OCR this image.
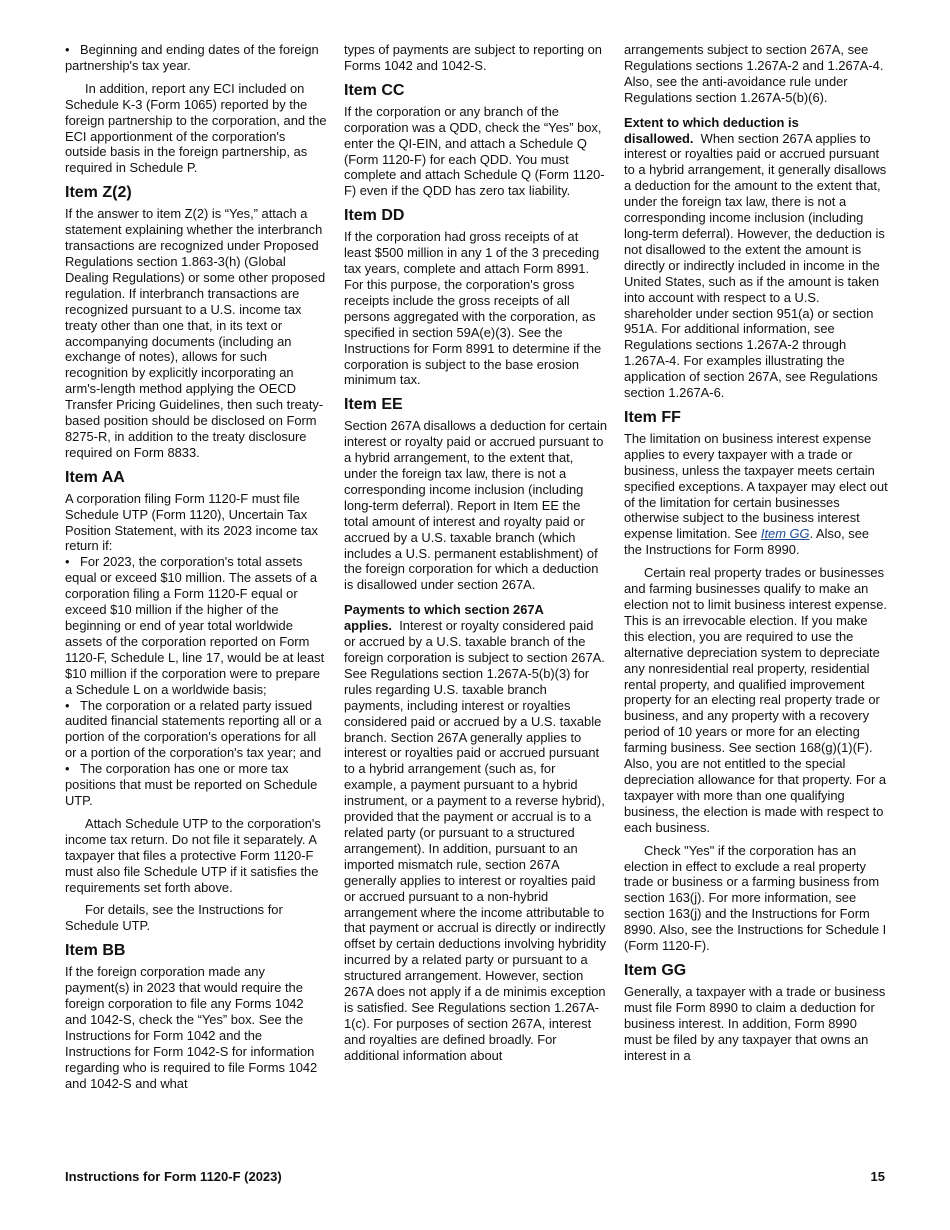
• Beginning and ending dates of the foreign partnership's tax year.

In addition, report any ECI included on Schedule K-3 (Form 1065) reported by the foreign partnership to the corporation, and the ECI apportionment of the corporation's outside basis in the foreign partnership, as required in Schedule P.

Item Z(2)

If the answer to item Z(2) is “Yes,” attach a statement explaining whether the interbranch transactions are recognized under Proposed Regulations section 1.863-3(h) (Global Dealing Regulations) or some other proposed regulation. If interbranch transactions are recognized pursuant to a U.S. income tax treaty other than one that, in its text or accompanying documents (including an exchange of notes), allows for such recognition by explicitly incorporating an arm's-length method applying the OECD Transfer Pricing Guidelines, then such treaty-based position should be disclosed on Form 8275-R, in addition to the treaty disclosure required on Form 8833.

Item AA

A corporation filing Form 1120-F must file Schedule UTP (Form 1120), Uncertain Tax Position Statement, with its 2023 income tax return if:

• For 2023, the corporation's total assets equal or exceed $10 million. The assets of a corporation filing a Form 1120-F equal or exceed $10 million if the higher of the beginning or end of year total worldwide assets of the corporation reported on Form 1120-F, Schedule L, line 17, would be at least $10 million if the corporation were to prepare a Schedule L on a worldwide basis;

• The corporation or a related party issued audited financial statements reporting all or a portion of the corporation's operations for all or a portion of the corporation's tax year; and

• The corporation has one or more tax positions that must be reported on Schedule UTP.

Attach Schedule UTP to the corporation's income tax return. Do not file it separately. A taxpayer that files a protective Form 1120-F must also file Schedule UTP if it satisfies the requirements set forth above.

For details, see the Instructions for Schedule UTP.

Item BB

If the foreign corporation made any payment(s) in 2023 that would require the foreign corporation to file any Forms 1042 and 1042-S, check the “Yes” box. See the Instructions for Form 1042 and the Instructions for Form 1042-S for information regarding who is required to file Forms 1042 and 1042-S and what

types of payments are subject to reporting on Forms 1042 and 1042-S.

Item CC

If the corporation or any branch of the corporation was a QDD, check the “Yes” box, enter the QI-EIN, and attach a Schedule Q (Form 1120-F) for each QDD. You must complete and attach Schedule Q (Form 1120-F) even if the QDD has zero tax liability.

Item DD

If the corporation had gross receipts of at least $500 million in any 1 of the 3 preceding tax years, complete and attach Form 8991. For this purpose, the corporation's gross receipts include the gross receipts of all persons aggregated with the corporation, as specified in section 59A(e)(3). See the Instructions for Form 8991 to determine if the corporation is subject to the base erosion minimum tax.

Item EE

Section 267A disallows a deduction for certain interest or royalty paid or accrued pursuant to a hybrid arrangement, to the extent that, under the foreign tax law, there is not a corresponding income inclusion (including long-term deferral). Report in Item EE the total amount of interest and royalty paid or accrued by a U.S. taxable branch (which includes a U.S. permanent establishment) of the foreign corporation for which a deduction is disallowed under section 267A.

Payments to which section 267A applies. Interest or royalty considered paid or accrued by a U.S. taxable branch of the foreign corporation is subject to section 267A. See Regulations section 1.267A-5(b)(3) for rules regarding U.S. taxable branch payments, including interest or royalties considered paid or accrued by a U.S. taxable branch. Section 267A generally applies to interest or royalties paid or accrued pursuant to a hybrid arrangement (such as, for example, a payment pursuant to a hybrid instrument, or a payment to a reverse hybrid), provided that the payment or accrual is to a related party (or pursuant to a structured arrangement). In addition, pursuant to an imported mismatch rule, section 267A generally applies to interest or royalties paid or accrued pursuant to a non-hybrid arrangement where the income attributable to that payment or accrual is directly or indirectly offset by certain deductions involving hybridity incurred by a related party or pursuant to a structured arrangement. However, section 267A does not apply if a de minimis exception is satisfied. See Regulations section 1.267A-1(c). For purposes of section 267A, interest and royalties are defined broadly. For additional information about

arrangements subject to section 267A, see Regulations sections 1.267A-2 and 1.267A-4. Also, see the anti-avoidance rule under Regulations section 1.267A-5(b)(6).

Extent to which deduction is disallowed. When section 267A applies to interest or royalties paid or accrued pursuant to a hybrid arrangement, it generally disallows a deduction for the amount to the extent that, under the foreign tax law, there is not a corresponding income inclusion (including long-term deferral). However, the deduction is not disallowed to the extent the amount is directly or indirectly included in income in the United States, such as if the amount is taken into account with respect to a U.S. shareholder under section 951(a) or section 951A. For additional information, see Regulations sections 1.267A-2 through 1.267A-4. For examples illustrating the application of section 267A, see Regulations section 1.267A-6.

Item FF

The limitation on business interest expense applies to every taxpayer with a trade or business, unless the taxpayer meets certain specified exceptions. A taxpayer may elect out of the limitation for certain businesses otherwise subject to the business interest expense limitation. See Item GG. Also, see the Instructions for Form 8990.

Certain real property trades or businesses and farming businesses qualify to make an election not to limit business interest expense. This is an irrevocable election. If you make this election, you are required to use the alternative depreciation system to depreciate any nonresidential real property, residential rental property, and qualified improvement property for an electing real property trade or business, and any property with a recovery period of 10 years or more for an electing farming business. See section 168(g)(1)(F). Also, you are not entitled to the special depreciation allowance for that property. For a taxpayer with more than one qualifying business, the election is made with respect to each business.

Check "Yes" if the corporation has an election in effect to exclude a real property trade or business or a farming business from section 163(j). For more information, see section 163(j) and the Instructions for Form 8990. Also, see the Instructions for Schedule I (Form 1120-F).

Item GG

Generally, a taxpayer with a trade or business must file Form 8990 to claim a deduction for business interest. In addition, Form 8990 must be filed by any taxpayer that owns an interest in a

Instructions for Form 1120-F (2023)	15
